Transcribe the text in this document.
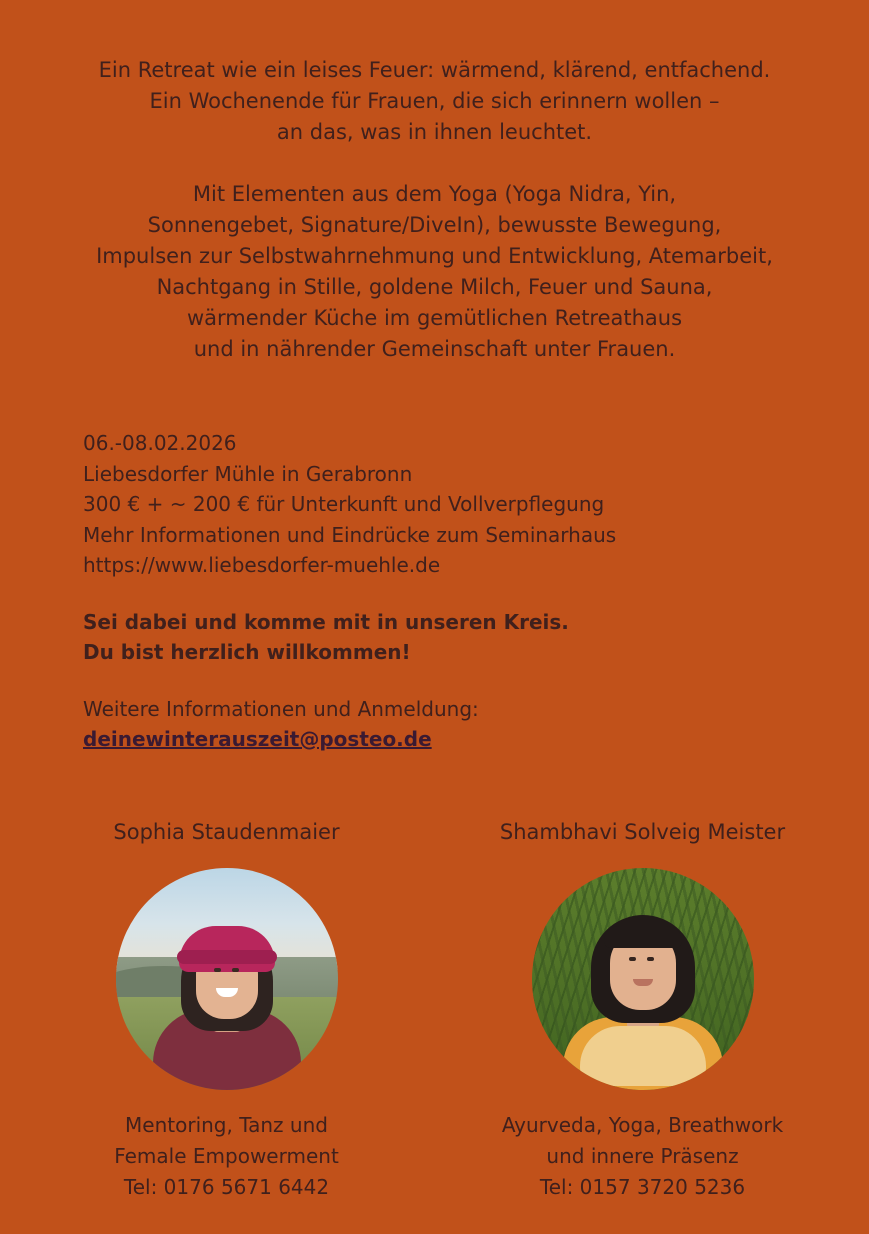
Ein Retreat wie ein leises Feuer: wärmend, klärend, entfachend.
Ein Wochenende für Frauen, die sich erinnern wollen –
an das, was in ihnen leuchtet.
Mit Elementen aus dem Yoga (Yoga Nidra, Yin,
Sonnengebet, Signature/DiveIn), bewusste Bewegung,
Impulsen zur Selbstwahrnehmung und Entwicklung, Atemarbeit,
Nachtgang in Stille, goldene Milch, Feuer und Sauna,
wärmender Küche im gemütlichen Retreathaus
und in nährender Gemeinschaft unter Frauen.
06.-08.02.2026
Liebesdorfer Mühle in Gerabronn
300 € + ~ 200 € für Unterkunft und Vollverpflegung
Mehr Informationen und Eindrücke zum Seminarhaus
https://www.liebesdorfer-muehle.de
Sei dabei und komme mit in unseren Kreis.
Du bist herzlich willkommen!
Weitere Informationen und Anmeldung:
deinewinterauszeit@posteo.de
Sophia Staudenmaier
Mentoring, Tanz und
Female Empowerment
Tel: 0176 5671 6442
Shambhavi Solveig Meister
Ayurveda, Yoga, Breathwork
und innere Präsenz
Tel: 0157 3720 5236
